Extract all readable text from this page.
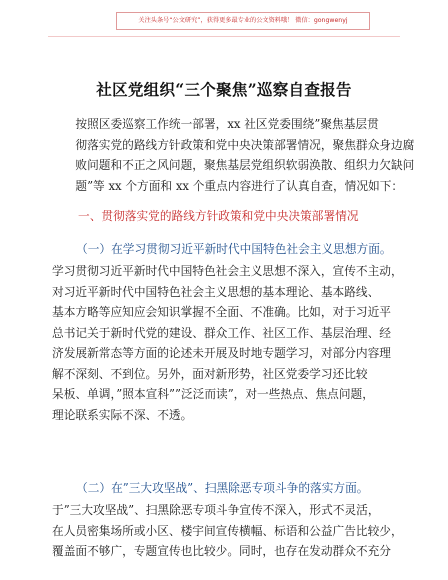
关注头条号“公文研究”，获得更多最专业的公文资料哦！ 微信：gongwenyj
社区党组织“三个聚焦”巡察自查报告
按照区委巡察工作统一部署，xx 社区党委围绕”聚焦基层贯
彻落实党的路线方针政策和党中央决策部署情况，聚焦群众身边腐
败问题和不正之风问题，聚焦基层党组织软弱涣散、组织力欠缺问
题”等 xx 个方面和 xx 个重点内容进行了认真自查，情况如下：
一、贯彻落实党的路线方针政策和党中央决策部署情况
（一）在学习贯彻习近平新时代中国特色社会主义思想方面。
学习贯彻习近平新时代中国特色社会主义思想不深入，宣传不主动，
对习近平新时代中国特色社会主义思想的基本理论、基本路线、
基本方略等应知应会知识掌握不全面、不准确。比如，对于习近平
总书记关于新时代党的建设、群众工作、社区工作、基层治理、经
济发展新常态等方面的论述未开展及时地专题学习，对部分内容理
解不深刻、不到位。另外，面对新形势，社区党委学习还比较
呆板、单调，”照本宣科””泛泛而读”，对一些热点、焦点问题，
理论联系实际不深、不透。
（二）在”三大攻坚战”、扫黑除恶专项斗争的落实方面。
于”三大攻坚战”、扫黑除恶专项斗争宣传不深入，形式不灵活，
在人员密集场所或小区、楼宇间宣传横幅、标语和公益广告比较少，
覆盖面不够广，专题宣传也比较少。同时，也存在发动群众不充分
